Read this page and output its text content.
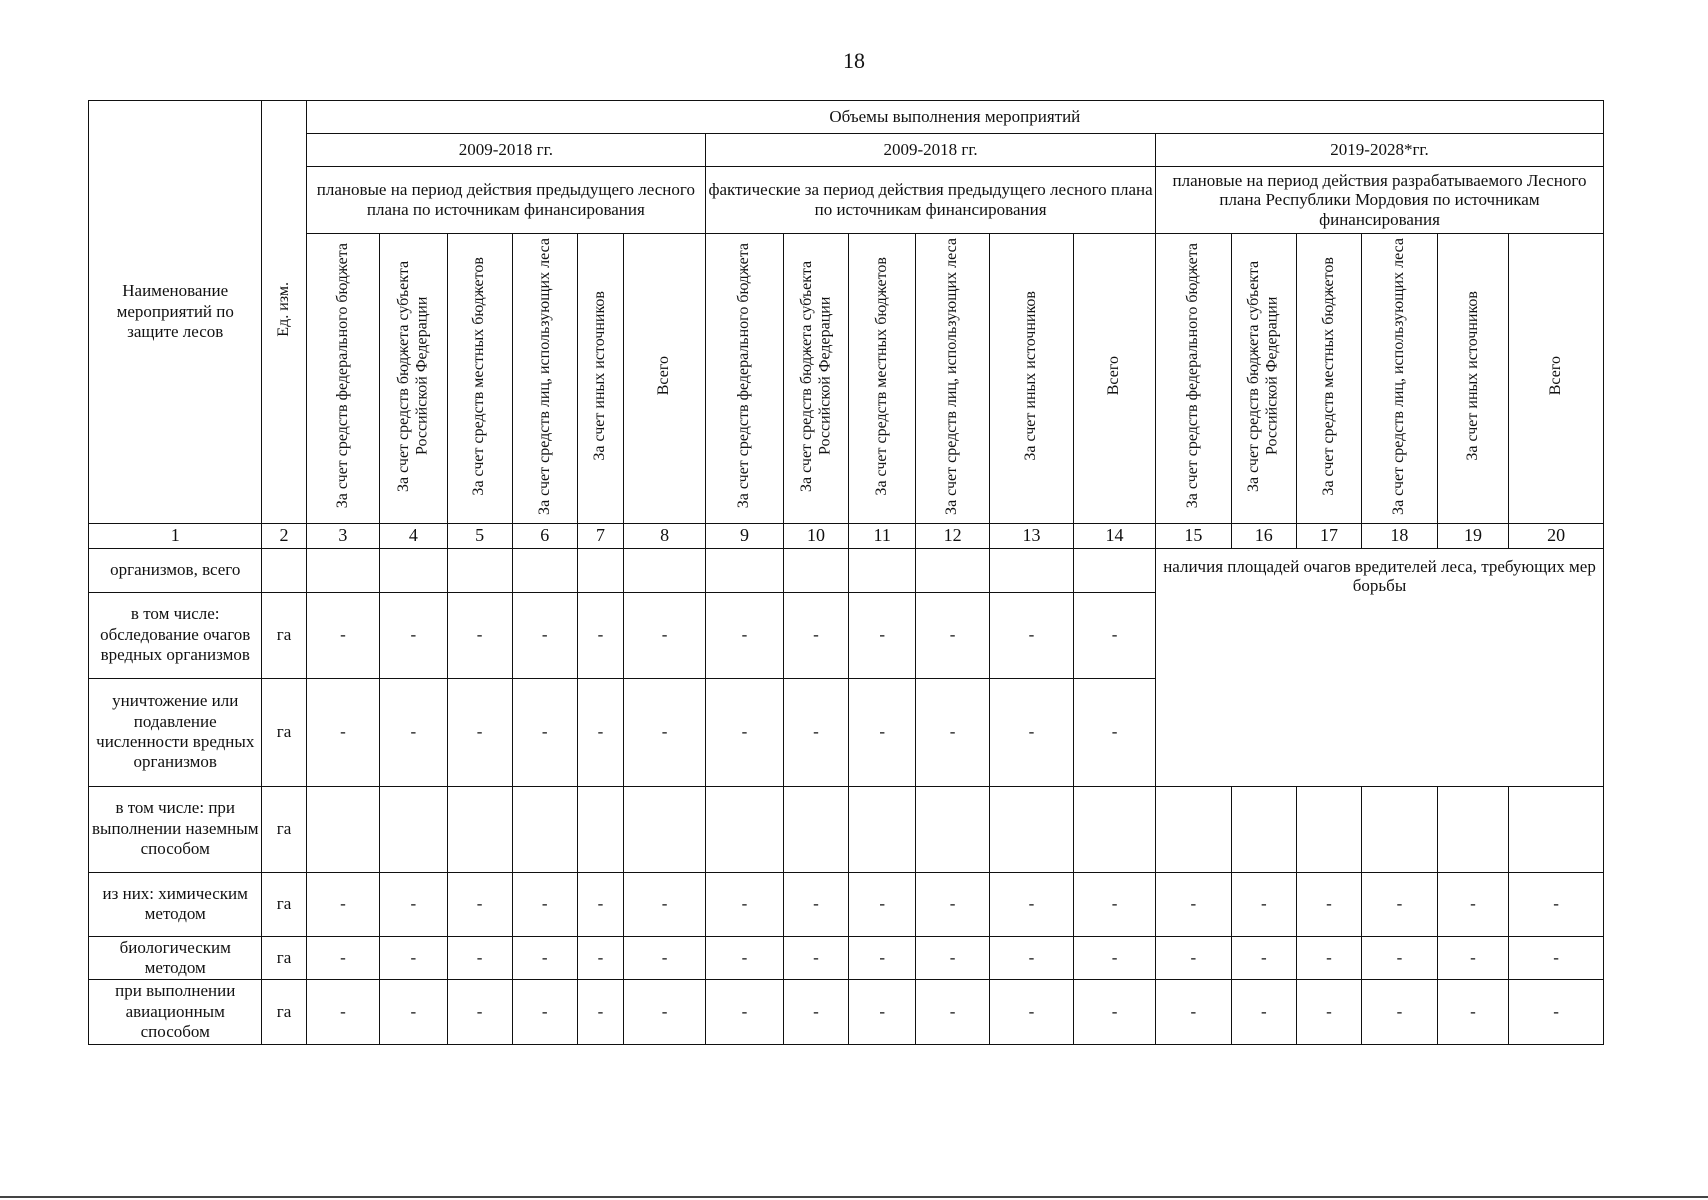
18
Наименование мероприятий по защите лесов	Ед. изм.	Объемы выполнения мероприятий																	
		2009-2018 гг.						2009-2018 гг.						2019-2028*гг.					
		плановые на период действия предыдущего лесного плана по источникам финансирования						фактические за период действия предыдущего лесного плана по источникам финансирования						плановые на период действия разрабатываемого Лесного плана Республики Мордовия по источникам финансирования					
		За счет средств федерального бюджета	За счет средств бюджета субъекта Российской Федерации	За счет средств местных бюджетов	За счет средств лиц, использующих леса	За счет иных источников	Всего	За счет средств федерального бюджета	За счет средств бюджета субъекта Российской Федерации	За счет средств местных бюджетов	За счет средств лиц, использующих леса	За счет иных источников	Всего	За счет средств федерального бюджета	За счет средств бюджета субъекта Российской Федерации	За счет средств местных бюджетов	За счет средств лиц, использующих леса	За счет иных источников	Всего
1	2	3	4	5	6	7	8	9	10	11	12	13	14	15	16	17	18	19	20
организмов, всего														наличия площадей очагов вредителей леса, требующих мер борьбы					
в том числе: обследование очагов вредных организмов	га	-	-	-	-	-	-	-	-	-	-	-	-						
уничтожение или подавление численности вредных организмов	га	-	-	-	-	-	-	-	-	-	-	-	-						
в том числе: при выполнении наземным способом	га																		
из них: химическим методом	га	-	-	-	-	-	-	-	-	-	-	-	-	-	-	-	-	-	-
биологическим методом	га	-	-	-	-	-	-	-	-	-	-	-	-	-	-	-	-	-	-
при выполнении авиационным способом	га	-	-	-	-	-	-	-	-	-	-	-	-	-	-	-	-	-	-
